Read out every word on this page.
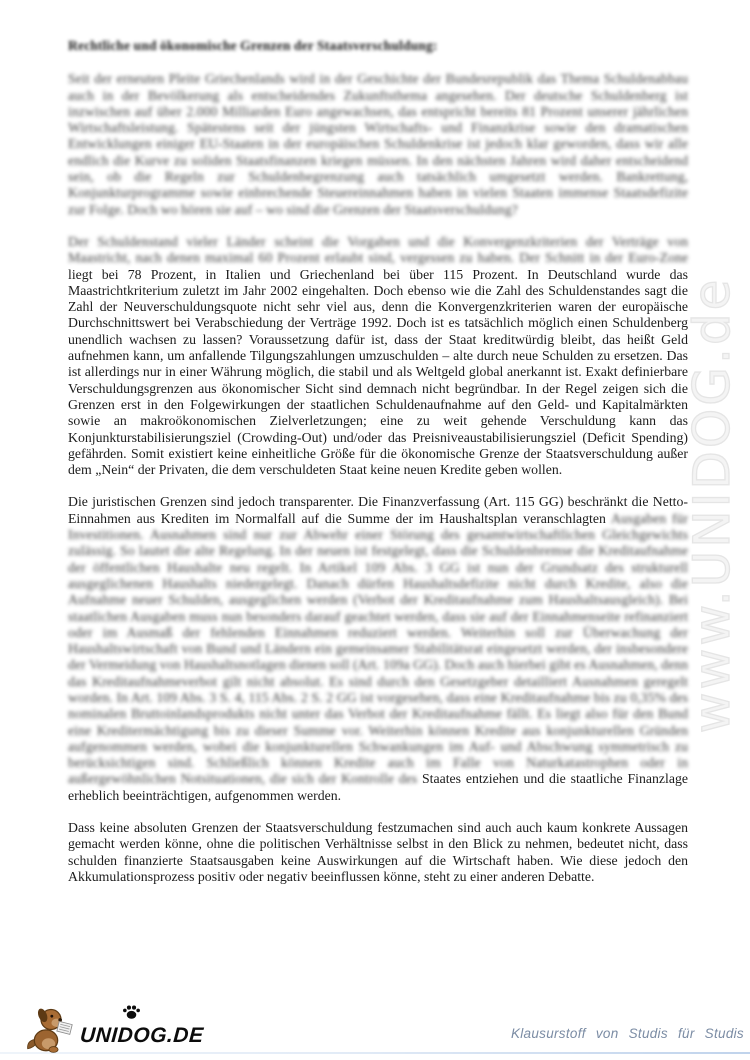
www.UNIDOG.de
Rechtliche und ökonomische Grenzen der Staatsverschuldung:

Seit der erneuten Pleite Griechenlands wird in der Geschichte der Bundesrepublik das Thema Schuldenabbau auch in der Bevölkerung als entscheidendes Zukunftsthema angesehen. Der deutsche Schuldenberg ist inzwischen auf über 2.000 Milliarden Euro angewachsen, das entspricht bereits 81 Prozent unserer jährlichen Wirtschaftsleistung. Spätestens seit der jüngsten Wirtschafts- und Finanzkrise sowie den dramatischen Entwicklungen einiger EU-Staaten in der europäischen Schuldenkrise ist jedoch klar geworden, dass wir alle endlich die Kurve zu soliden Staatsfinanzen kriegen müssen. In den nächsten Jahren wird daher entscheidend sein, ob die Regeln zur Schuldenbegrenzung auch tatsächlich umgesetzt werden. Bankrettung, Konjunkturprogramme sowie einbrechende Steuereinnahmen haben in vielen Staaten immense Staatsdefizite zur Folge. Doch wo hören sie auf – wo sind die Grenzen der Staatsverschuldung?

Der Schuldenstand vieler Länder scheint die Vorgaben und die Konvergenzkriterien der Verträge von Maastricht, nach denen maximal 60 Prozent erlaubt sind, vergessen zu haben. Der Schnitt in der Euro-Zone liegt bei 78 Prozent, in Italien und Griechenland bei über 115 Prozent. In Deutschland wurde das Maastrichtkriterium zuletzt im Jahr 2002 eingehalten. Doch ebenso wie die Zahl des Schuldenstandes sagt die Zahl der Neuverschuldungsquote nicht sehr viel aus, denn die Konvergenzkriterien waren der europäische Durchschnittswert bei Verabschiedung der Verträge 1992. Doch ist es tatsächlich möglich einen Schuldenberg unendlich wachsen zu lassen? Voraussetzung dafür ist, dass der Staat kreditwürdig bleibt, das heißt Geld aufnehmen kann, um anfallende Tilgungszahlungen umzuschulden – alte durch neue Schulden zu ersetzen. Das ist allerdings nur in einer Währung möglich, die stabil und als Weltgeld global anerkannt ist. Exakt definierbare Verschuldungsgrenzen aus ökonomischer Sicht sind demnach nicht begründbar. In der Regel zeigen sich die Grenzen erst in den Folgewirkungen der staatlichen Schuldenaufnahme auf den Geld- und Kapitalmärkten sowie an makroökonomischen Zielverletzungen; eine zu weit gehende Verschuldung kann das Konjunkturstabilisierungsziel (Crowding-Out) und/oder das Preisniveaustabilisierungsziel (Deficit Spending) gefährden. Somit existiert keine einheitliche Größe für die ökonomische Grenze der Staatsverschuldung außer dem „Nein“ der Privaten, die dem verschuldeten Staat keine neuen Kredite geben wollen.

Die juristischen Grenzen sind jedoch transparenter. Die Finanzverfassung (Art. 115 GG) beschränkt die Netto-Einnahmen aus Krediten im Normalfall auf die Summe der im Haushaltsplan veranschlagten Ausgaben für Investitionen. Ausnahmen sind nur zur Abwehr einer Störung des gesamtwirtschaftlichen Gleichgewichts zulässig. So lautet die alte Regelung. In der neuen ist festgelegt, dass die Schuldenbremse die Kreditaufnahme der öffentlichen Haushalte neu regelt. In Artikel 109 Abs. 3 GG ist nun der Grundsatz des strukturell ausgeglichenen Haushalts niedergelegt. Danach dürfen Haushaltsdefizite nicht durch Kredite, also die Aufnahme neuer Schulden, ausgeglichen werden (Verbot der Kreditaufnahme zum Haushaltsausgleich). Bei staatlichen Ausgaben muss nun besonders darauf geachtet werden, dass sie auf der Einnahmenseite refinanziert oder im Ausmaß der fehlenden Einnahmen reduziert werden. Weiterhin soll zur Überwachung der Haushaltswirtschaft von Bund und Ländern ein gemeinsamer Stabilitätsrat eingesetzt werden, der insbesondere der Vermeidung von Haushaltsnotlagen dienen soll (Art. 109a GG). Doch auch hierbei gibt es Ausnahmen, denn das Kreditaufnahmeverbot gilt nicht absolut. Es sind durch den Gesetzgeber detailliert Ausnahmen geregelt worden. In Art. 109 Abs. 3 S. 4, 115 Abs. 2 S. 2 GG ist vorgesehen, dass eine Kreditaufnahme bis zu 0,35% des nominalen Bruttoinlandsprodukts nicht unter das Verbot der Kreditaufnahme fällt. Es liegt also für den Bund eine Kreditermächtigung bis zu dieser Summe vor. Weiterhin können Kredite aus konjunkturellen Gründen aufgenommen werden, wobei die konjunkturellen Schwankungen im Auf- und Abschwung symmetrisch zu berücksichtigen sind. Schließlich können Kredite auch im Falle von Naturkatastrophen oder in außergewöhnlichen Notsituationen, die sich der Kontrolle des Staates entziehen und die staatliche Finanzlage erheblich beeinträchtigen, aufgenommen werden.

Dass keine absoluten Grenzen der Staatsverschuldung festzumachen sind auch auch kaum konkrete Aussagen gemacht werden könne, ohne die politischen Verhältnisse selbst in den Blick zu nehmen, bedeutet nicht, dass schulden finanzierte Staatsausgaben keine Auswirkungen auf die Wirtschaft haben. Wie diese jedoch den Akkumulationsprozess positiv oder negativ beeinflussen könne, steht zu einer anderen Debatte.

UNIDOG.DE	Klausurstoff von Studis für Studis
